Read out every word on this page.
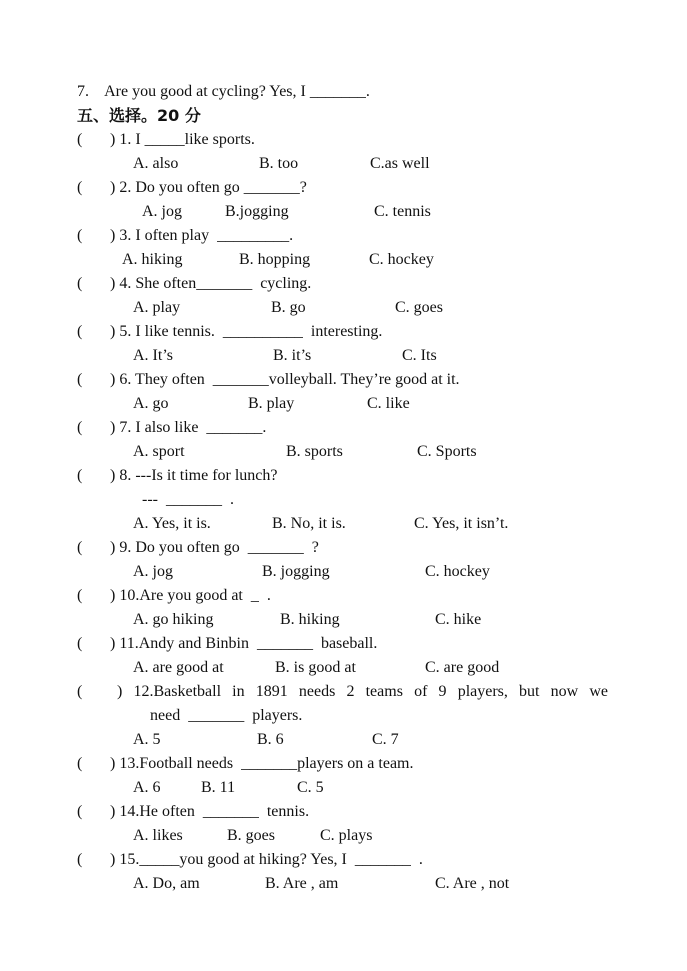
7.    Are you good at cycling? Yes, I _______.
五、选择。20 分
( ) 1. I _____like sports.
A. also	B. too	C.as well
( ) 2. Do you often go _______?
A. jog	B.jogging	C. tennis
( ) 3. I often play  _________.
A. hiking	B. hopping	C. hockey
( ) 4. She often_______  cycling.
A. play	B. go	C. goes
( ) 5. I like tennis.  __________  interesting.
A. It’s	B. it’s	C. Its
( ) 6. They often  _______volleyball. They’re good at it.
A. go	B. play	C. like
( ) 7. I also like  _______.
A. sport	B. sports	C. Sports
( ) 8. ---Is it time for lunch?
---  _______  .
A. Yes, it is.	B. No, it is.	C. Yes, it isn’t.
( ) 9. Do you often go  _______  ?
A. jog	B. jogging	C. hockey
( ) 10.Are you good at  _  .
A. go hiking	B. hiking	C. hike
( ) 11.Andy and Binbin  _______  baseball.
A. are good at	B. is good at	C. are good
( ) 12.Basketball in 1891 needs 2 teams of 9 players, but now we
need  _______  players.
A. 5	B. 6	C. 7
( ) 13.Football needs  _______players on a team.
A. 6	B. 11	C. 5
( ) 14.He often  _______  tennis.
A. likes	B. goes	C. plays
( ) 15._____you good at hiking? Yes, I  _______  .
A. Do, am	B. Are , am	C. Are , not
